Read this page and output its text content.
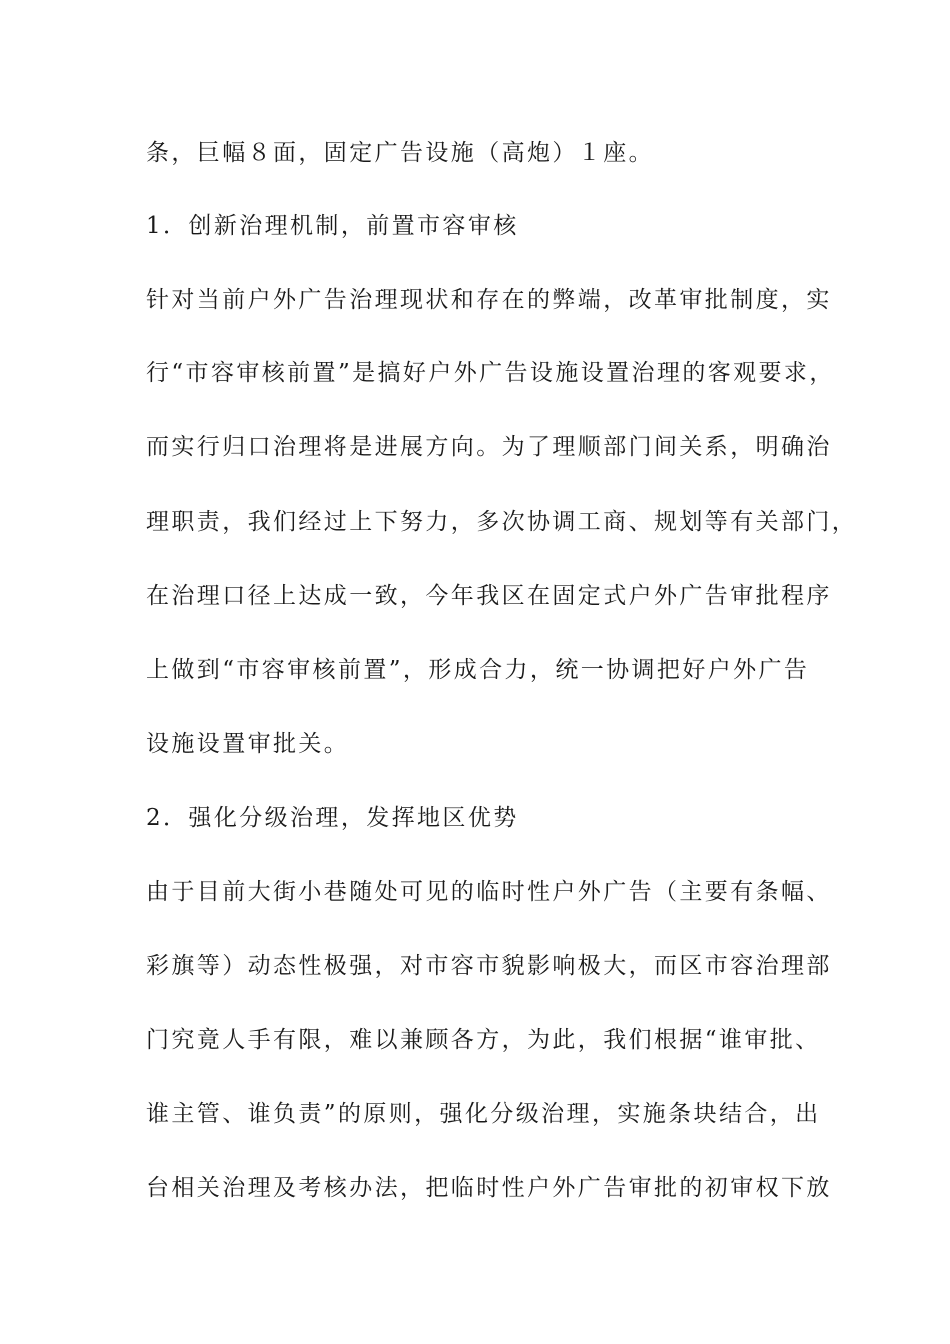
条，巨幅８面，固定广告设施（高炮）１座。
1．创新治理机制，前置市容审核
针对当前户外广告治理现状和存在的弊端，改革审批制度，实
行“市容审核前置”是搞好户外广告设施设置治理的客观要求，
而实行归口治理将是进展方向。为了理顺部门间关系，明确治
理职责，我们经过上下努力，多次协调工商、规划等有关部门，
在治理口径上达成一致，今年我区在固定式户外广告审批程序
上做到“市容审核前置”，形成合力，统一协调把好户外广告
设施设置审批关。
2．强化分级治理，发挥地区优势
由于目前大街小巷随处可见的临时性户外广告（主要有条幅、
彩旗等）动态性极强，对市容市貌影响极大，而区市容治理部
门究竟人手有限，难以兼顾各方，为此，我们根据“谁审批、
谁主管、谁负责”的原则，强化分级治理，实施条块结合，出
台相关治理及考核办法，把临时性户外广告审批的初审权下放
